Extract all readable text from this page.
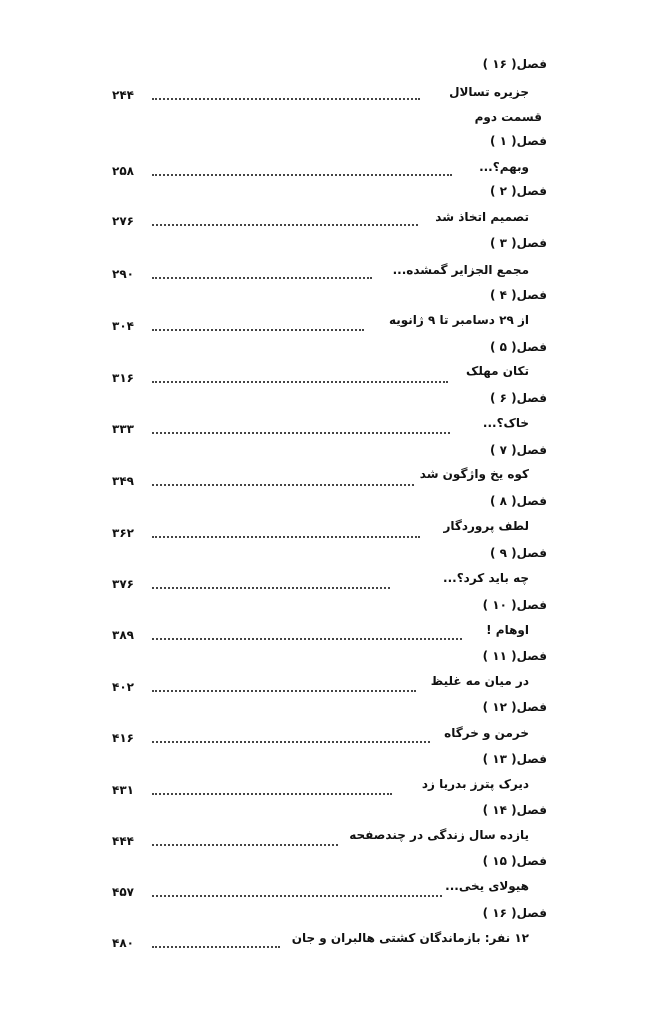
فصل( ۱۶ )
جزیره تسالال
۲۴۴
قسمت دوم
فصل( ۱ )
وبهم؟...
۲۵۸
فصل( ۲ )
تصمیم اتخاذ شد
۲۷۶
فصل( ۳ )
مجمع الجزایر گمشده...
۲۹۰
فصل( ۴ )
از ۲۹ دسامبر تا ۹ ژانویه
۳۰۴
فصل( ۵ )
تکان مهلک
۳۱۶
فصل( ۶ )
خاک؟...
۳۳۳
فصل( ۷ )
کوه یخ واژگون شد
۳۴۹
فصل( ۸ )
لطف پروردگار
۳۶۲
فصل( ۹ )
چه باید کرد؟...
۳۷۶
فصل( ۱۰ )
اوهام !
۳۸۹
فصل( ۱۱ )
در میان مه غلیظ
۴۰۲
فصل( ۱۲ )
خرمن و خرگاه
۴۱۶
فصل( ۱۳ )
دیرک پترز بدریا زد
۴۳۱
فصل( ۱۴ )
یازده سال زندگی در چندصفحه
۴۴۴
فصل( ۱۵ )
هیولای یخی...
۴۵۷
فصل( ۱۶ )
۱۲ نفر: بازماندگان کشتی هالبران و جان
۴۸۰
